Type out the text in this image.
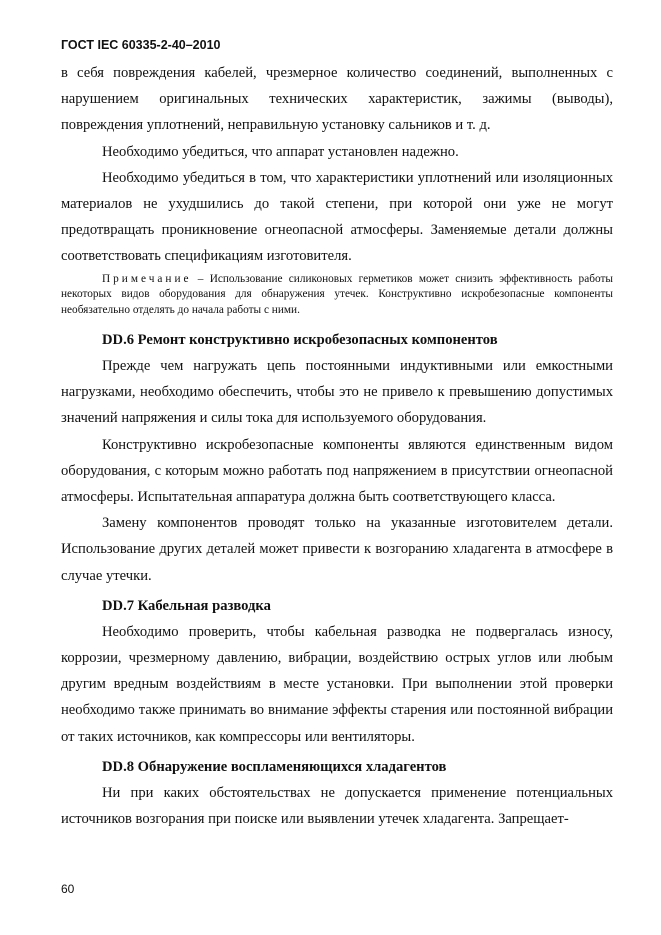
ГОСТ IEC 60335-2-40–2010

в себя повреждения кабелей, чрезмерное количество соединений, выполненных с нарушением оригинальных технических характеристик, зажимы (выводы), повреждения уплотнений, неправильную установку сальников и т. д.

Необходимо убедиться, что аппарат установлен надежно.

Необходимо убедиться в том, что характеристики уплотнений или изоляционных материалов не ухудшились до такой степени, при которой они уже не могут предотвращать проникновение огнеопасной атмосферы. Заменяемые детали должны соответствовать спецификациям изготовителя.

Примечание – Использование силиконовых герметиков может снизить эффективность работы некоторых видов оборудования для обнаружения утечек. Конструктивно искробезопасные компоненты необязательно отделять до начала работы с ними.

DD.6 Ремонт конструктивно искробезопасных компонентов

Прежде чем нагружать цепь постоянными индуктивными или емкостными нагрузками, необходимо обеспечить, чтобы это не привело к превышению допустимых значений напряжения и силы тока для используемого оборудования.

Конструктивно искробезопасные компоненты являются единственным видом оборудования, с которым можно работать под напряжением в присутствии огнеопасной атмосферы. Испытательная аппаратура должна быть соответствующего класса.

Замену компонентов проводят только на указанные изготовителем детали. Использование других деталей может привести к возгоранию хладагента в атмосфере в случае утечки.

DD.7 Кабельная разводка

Необходимо проверить, чтобы кабельная разводка не подвергалась износу, коррозии, чрезмерному давлению, вибрации, воздействию острых углов или любым другим вредным воздействиям в месте установки. При выполнении этой проверки необходимо также принимать во внимание эффекты старения или постоянной вибрации от таких источников, как компрессоры или вентиляторы.

DD.8 Обнаружение воспламеняющихся хладагентов

Ни при каких обстоятельствах не допускается применение потенциальных источников возгорания при поиске или выявлении утечек хладагента. Запрещает-

60
